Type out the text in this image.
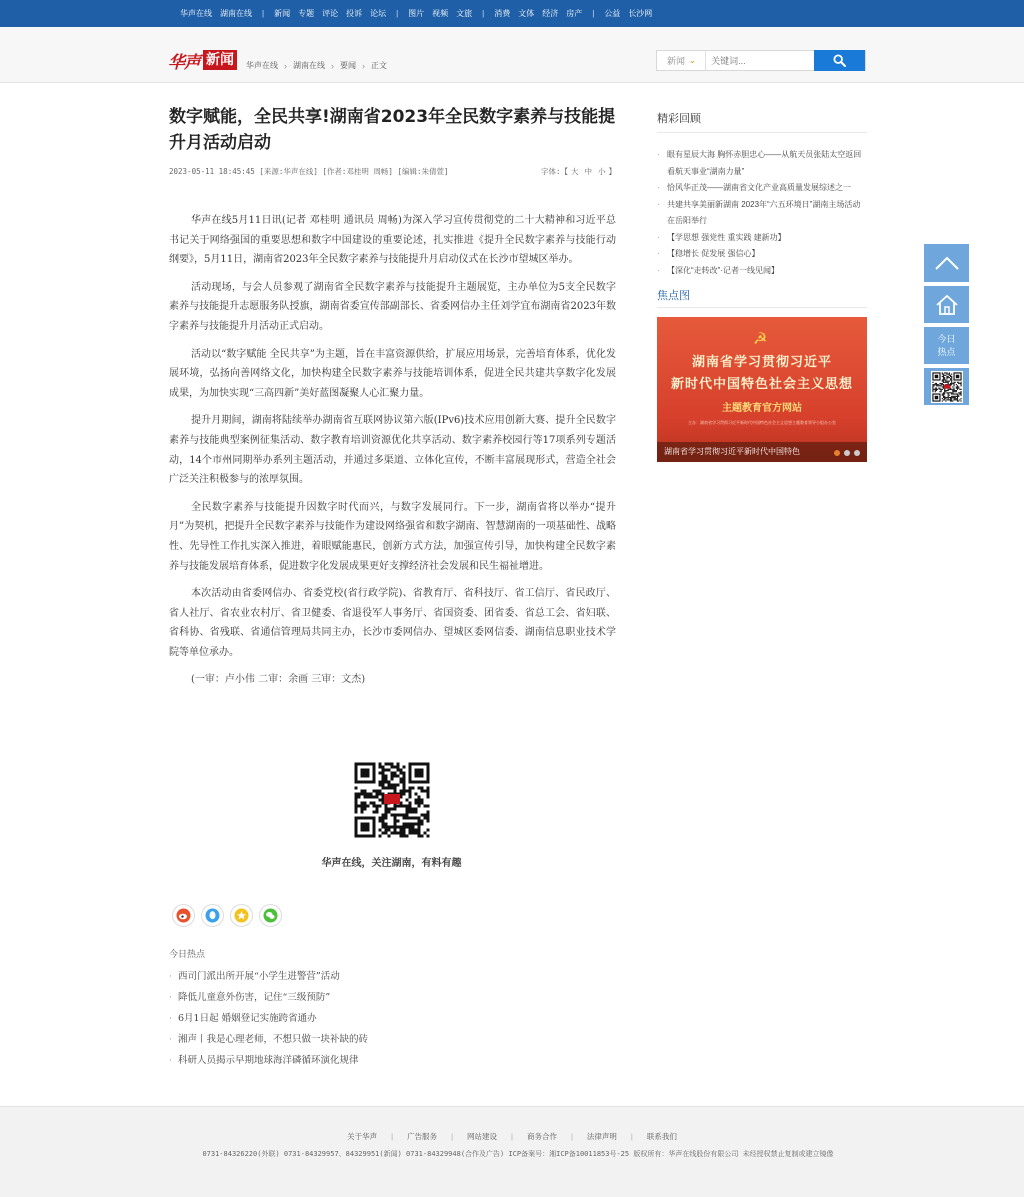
华声在线 湖南在线 | 新闻 专题 评论 投诉 论坛 | 图片 视频 文旅 | 消费 文体 经济 房产 | 公益 长沙网
华声 新闻	华声在线 › 湖南在线 › 要闻 › 正文	新闻 ⌄
关键词...
数字赋能，全民共享!湖南省2023年全民数字素养与技能提升月活动启动
2023-05-11 18:45:45 [来源:华声在线] [作者:邓桂明 周畅] [编辑:朱倩萱]	字体:【 大 中 小 】

华声在线5月11日讯(记者 邓桂明 通讯员 周畅)为深入学习宣传贯彻党的二十大精神和习近平总书记关于网络强国的重要思想和数字中国建设的重要论述，扎实推进《提升全民数字素养与技能行动纲要》，5月11日，湖南省2023年全民数字素养与技能提升月启动仪式在长沙市望城区举办。

活动现场，与会人员参观了湖南省全民数字素养与技能提升主题展览，主办单位为5支全民数字素养与技能提升志愿服务队授旗，湖南省委宣传部副部长、省委网信办主任刘学宜布湖南省2023年数字素养与技能提升月活动正式启动。

活动以“数字赋能 全民共享”为主题，旨在丰富资源供给，扩展应用场景，完善培育体系，优化发展环境，弘扬向善网络文化，加快构建全民数字素养与技能培训体系，促进全民共建共享数字化发展成果，为加快实现“三高四新”美好蓝图凝聚人心汇聚力量。

提升月期间，湖南将陆续举办湖南省互联网协议第六版(IPv6)技术应用创新大赛、提升全民数字素养与技能典型案例征集活动、数字教育培训资源优化共享活动、数字素养校园行等17项系列专题活动，14个市州同期举办系列主题活动，并通过多渠道、立体化宣传，不断丰富展现形式，营造全社会广泛关注积极参与的浓厚氛围。

全民数字素养与技能提升因数字时代而兴，与数字发展同行。下一步，湖南省将以举办“提升月”为契机，把提升全民数字素养与技能作为建设网络强省和数字湖南、智慧湖南的一项基础性、战略性、先导性工作扎实深入推进，着眼赋能惠民，创新方式方法，加强宣传引导，加快构建全民数字素养与技能发展培育体系，促进数字化发展成果更好支撑经济社会发展和民生福祉增进。

本次活动由省委网信办、省委党校(省行政学院)、省教育厅、省科技厅、省工信厅、省民政厅、省人社厅、省农业农村厅、省卫健委、省退役军人事务厅、省国资委、团省委、省总工会、省妇联、省科协、省残联、省通信管理局共同主办，长沙市委网信办、望城区委网信委、湖南信息职业技术学院等单位承办。

(一审：卢小伟 二审：余画 三审：文杰)
华声在线，关注湖南，有料有趣
今日热点
· 西司门派出所开展“小学生进警营”活动
· 降低儿童意外伤害，记住“三级预防”
· 6月1日起 婚姻登记实施跨省通办
· 湘声丨我是心理老师，不想只做一块补缺的砖
· 科研人员揭示早期地球海洋磷循环演化规律
精彩回顾
· 眼有星辰大海 胸怀赤胆忠心——从航天员张陆太空返回看航天事业“湖南力量”
· 恰风华正茂——湖南省文化产业高质量发展综述之一
· 共建共享美丽新湖南 2023年“六五环境日”湖南主场活动在岳阳举行
· 【学思想 强党性 重实践 建新功】
· 【稳增长 促发展 强信心】
· 【深化“走转改”·记者一线见闻】
焦点图
☭
湖南省学习贯彻习近平
新时代中国特色社会主义思想
主题教育官方网站
主办：湖南省学习贯彻习近平新时代中国特色社会主义思想主题教育领导小组办公室
湖南省学习贯彻习近平新时代中国特色
今日
热点
关于华声 | 广告服务 | 网站建设 | 商务合作 | 法律声明 | 联系我们
0731-84326220(外联) 0731-84329957、84329951(新闻) 0731-84329948(合作及广告) ICP备案号：湘ICP备10011853号-25 版权所有：华声在线股份有限公司 未经授权禁止复制或建立镜像
